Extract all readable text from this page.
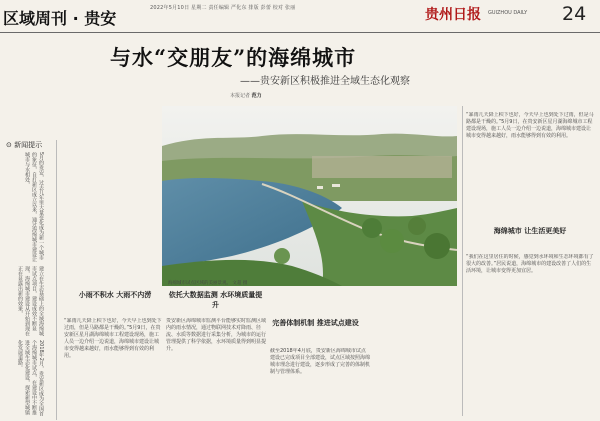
区域周刊 · 贵安
2022年5月10日 星期二 责任编辑 严化东 排版 彭蕾 校对 张丽	贵州日报 GUIZHOU DAILY 24
与水“交朋友”的海绵城市
——贵安新区积极推进全域生态化观察
本报记者 范力
⊙ 新闻提示
5月的贵安，过去几年里大量变化成为新一个城市的象征，自打新区成立以来，通过海绵城市建设让城市与水相处，
建立在生态基础上的全域海绵城市试点项目，建设成效不断显现，海绵城市建设从开始到现在正在显露出新的效果，
2018年2月，贵安新区成为全国首个海绵城市试点，在建设中不断推进全域生态化建设，探索新型城镇化发展道路。
海绵城市试点区域的美丽景观。 文超 摄
小雨不积水 大雨不内涝

“暴雨几天降上积下也好，今天早上也到处下过雨，但是马路都是干燥的。”5月9日，在贵安新区星月湖海绵城市工程建设现场，施工人员一边介绍一边说道，海绵城市建设让城市变得越来越好，雨水能够得到有效的利用。

依托大数据监测 水环境质量提升

贵安新区海绵城市监测平台能够实时监测区域内的雨水情况，通过物联网技术对降雨、径流、水质等数据进行采集分析，为城市的运行管理提供了科学依据，水环境质量得到明显提升。

完善体制机制 推进试点建设

截至2018年4月底，贵安新区海绵城市试点建设已完成项目全部建设，试点区域按照海绵城市理念进行建设，逐步形成了完善的体制机制与管理体系。

“暴雨几天降上积下也好，今天早上也到处下过雨，但是马路都是干燥的。”5月9日，在贵安新区星月湖海绵城市工程建设现场，施工人员一边介绍一边说道，海绵城市建设让城市变得越来越好，雨水能够得到有效的利用。

海绵城市 让生活更美好

“我们在这里居住的时候，感觉到水环境和生态环境都有了很大的改善。”居民说道，海绵城市的建设改善了人们的生活环境，让城市变得更加宜居。
